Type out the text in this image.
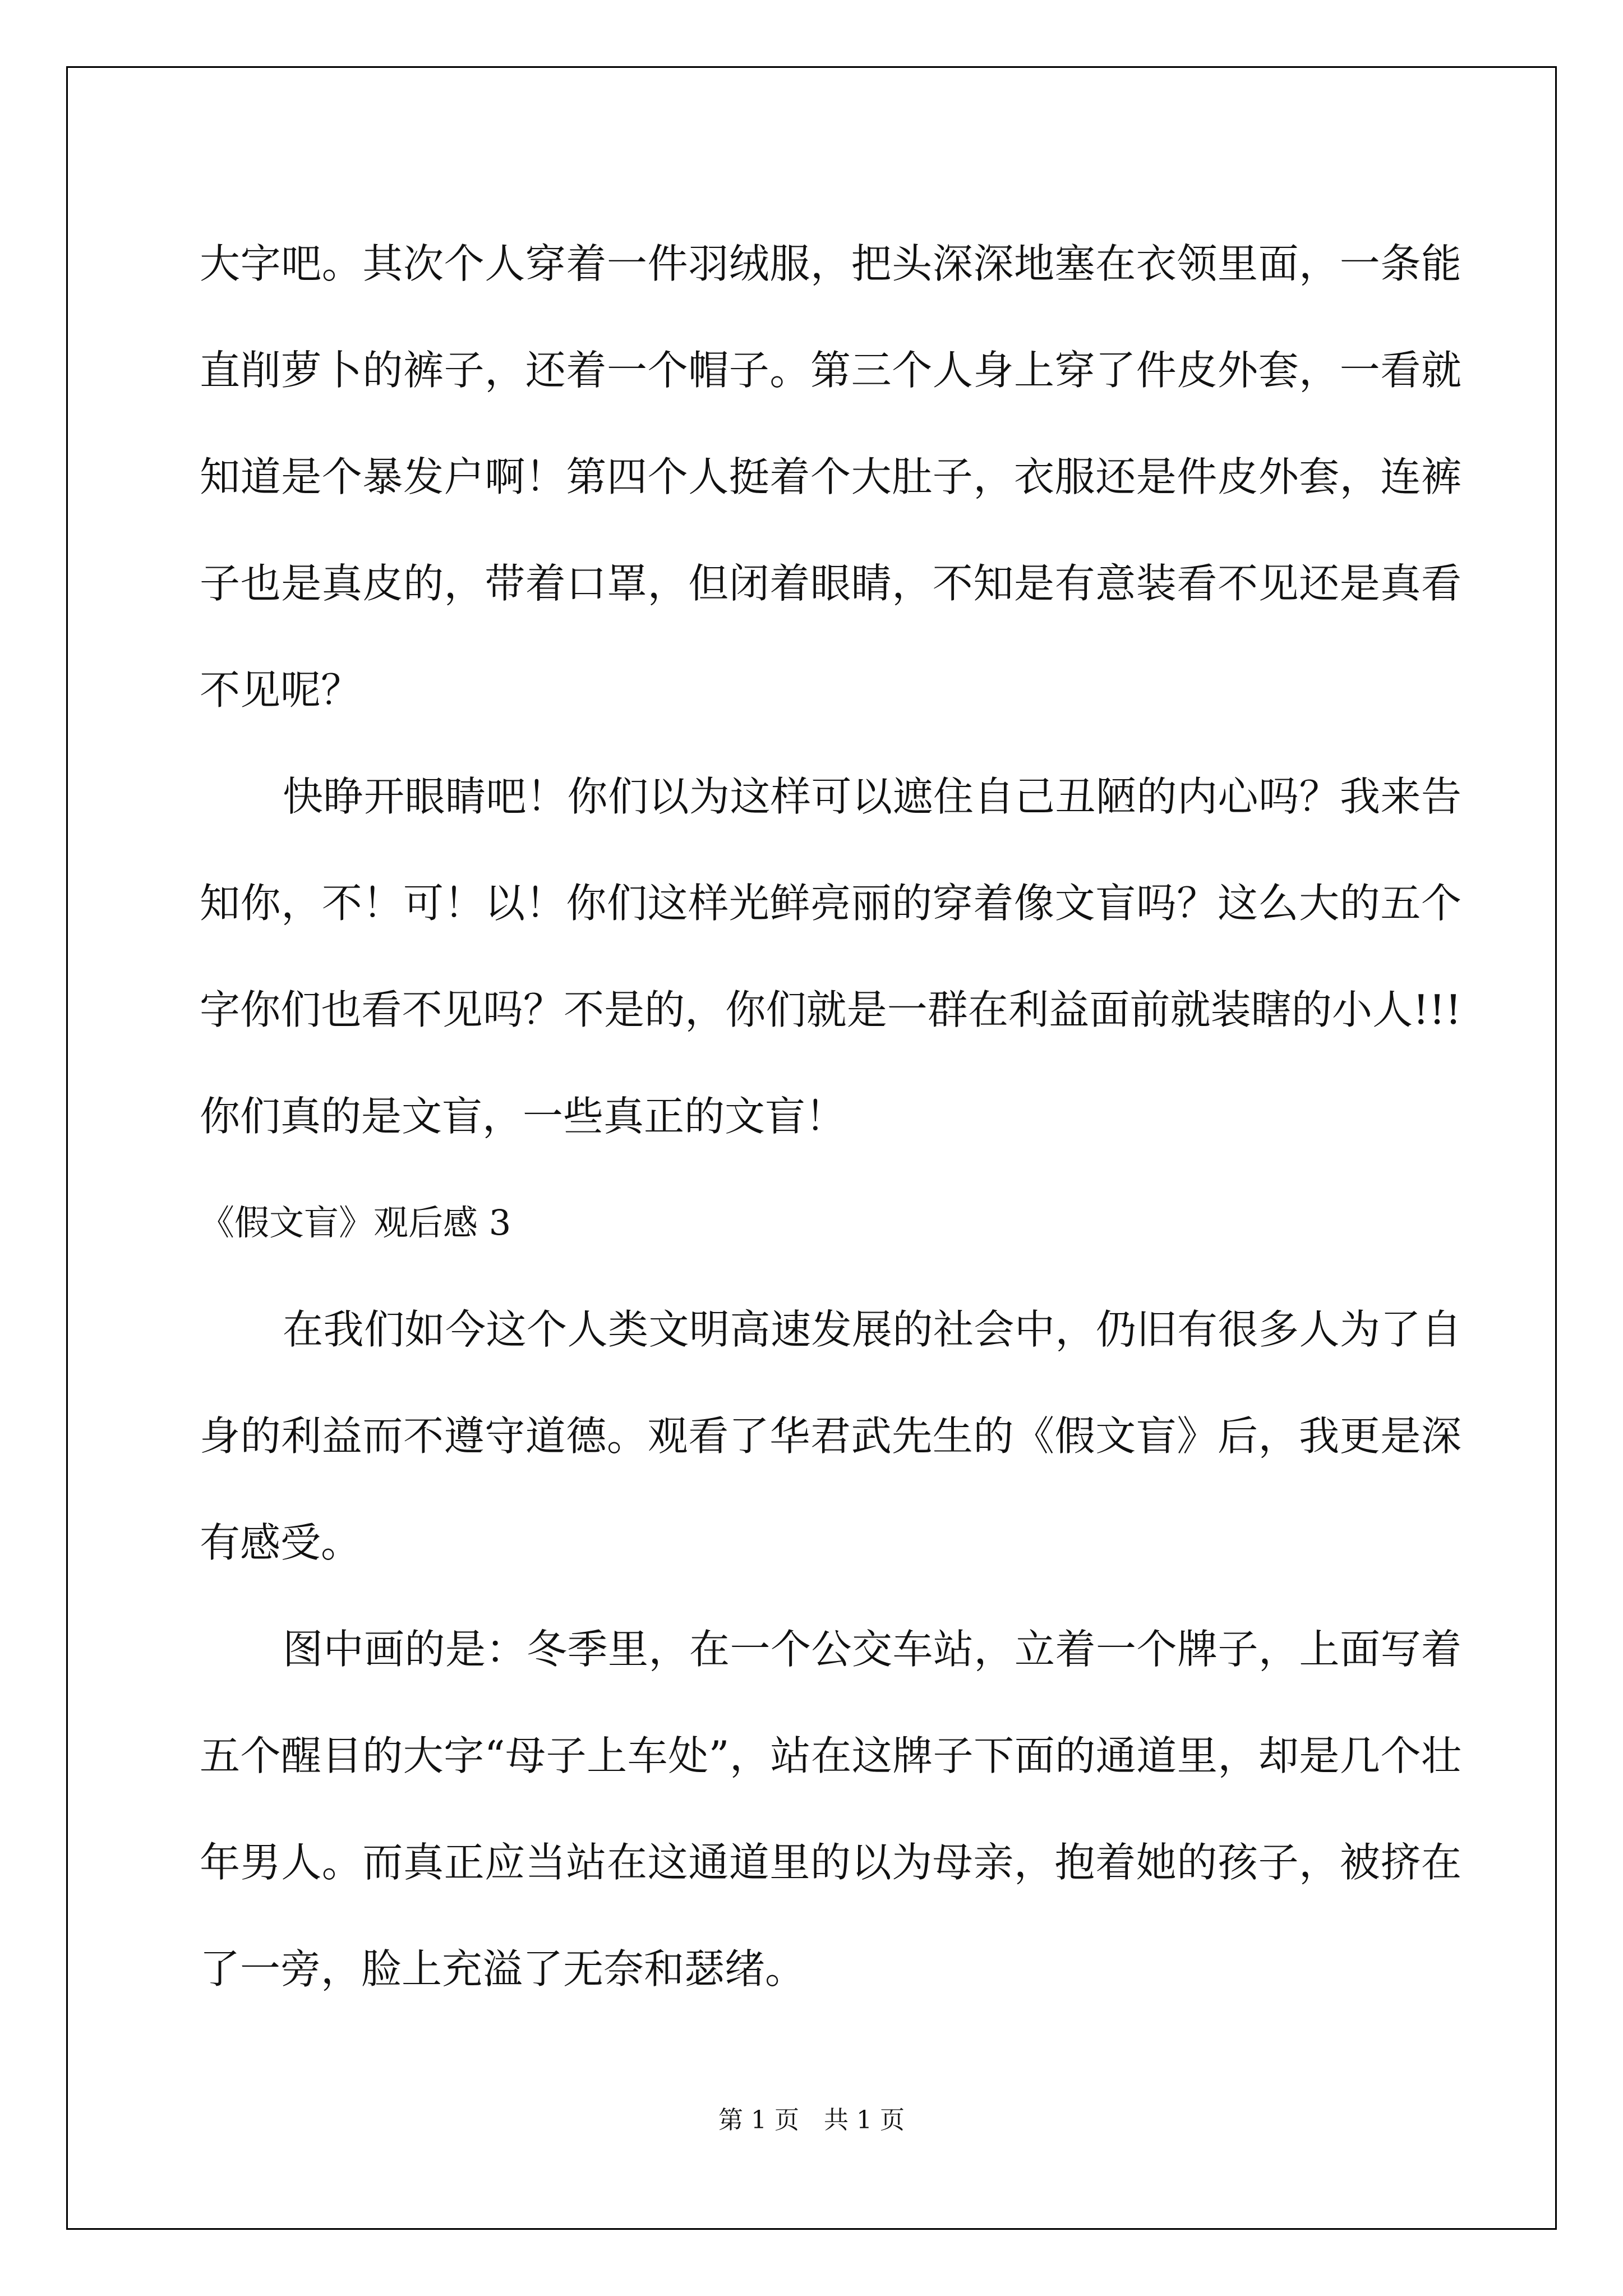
大字吧。其次个人穿着一件羽绒服，把头深深地塞在衣领里面，一条能直削萝卜的裤子，还着一个帽子。第三个人身上穿了件皮外套，一看就知道是个暴发户啊！第四个人挺着个大肚子，衣服还是件皮外套，连裤子也是真皮的，带着口罩，但闭着眼睛，不知是有意装看不见还是真看不见呢？

快睁开眼睛吧！你们以为这样可以遮住自己丑陋的内心吗？我来告知你，不！可！以！你们这样光鲜亮丽的穿着像文盲吗？这么大的五个字你们也看不见吗？不是的，你们就是一群在利益面前就装瞎的小人!!! 你们真的是文盲，一些真正的文盲！

《假文盲》观后感 3

在我们如今这个人类文明高速发展的社会中，仍旧有很多人为了自身的利益而不遵守道德。观看了华君武先生的《假文盲》后，我更是深有感受。

图中画的是：冬季里，在一个公交车站，立着一个牌子，上面写着五个醒目的大字“母子上车处”，站在这牌子下面的通道里，却是几个壮年男人。而真正应当站在这通道里的以为母亲，抱着她的孩子，被挤在了一旁，脸上充溢了无奈和瑟绪。

第 1 页　共 1 页
